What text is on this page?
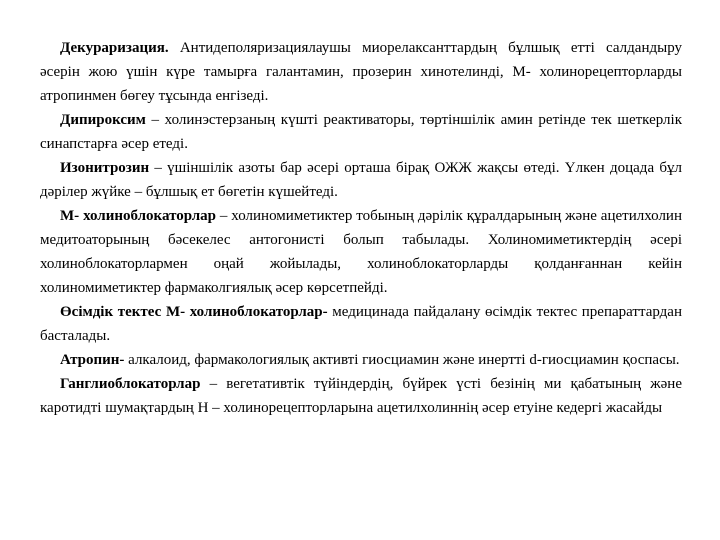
Декураризация. Антидеполяризациялаушы миорелаксанттардың бұлшық етті салдандыру әсерін жою үшін күре тамырға галантамин, прозерин хинотелинді, М- холинорецепторларды атропинмен бөгеу тұсында енгізеді.

Дипироксим – холинэстерзаның күшті реактиваторы, төртіншілік амин ретінде тек шеткерлік синапстарға әсер етеді.

Изонитрозин – үшіншілік азоты бар әсері орташа бірақ ОЖЖ жақсы өтеді. Үлкен доцада бұл дәрілер жүйке – бұлшық ет бөгетін күшейтеді.

М- холиноблокаторлар – холиномиметиктер тобының дәрілік құралдарының және ацетилхолин медитоаторының бәсекелес антогонисті болып табылады. Холиномиметиктердің әсері холиноблокаторлармен оңай жойылады, холиноблокаторларды қолданғаннан кейін холиномиметиктер фармаколгиялық әсер көрсетпейді.

Өсімдік тектес М- холиноблокаторлар- медицинада пайдалану өсімдік тектес препараттардан басталады.

Атропин- алкалоид, фармакологиялық активті гиосциамин және инертті d-гиосциамин қоспасы.

Ганглиоблокаторлар – вегетативтік түйіндердің, бүйрек үсті безінің ми қабатының және каротидті шумақтардың Н – холинорецепторларына ацетилхолиннің әсер етуіне кедергі жасайды
